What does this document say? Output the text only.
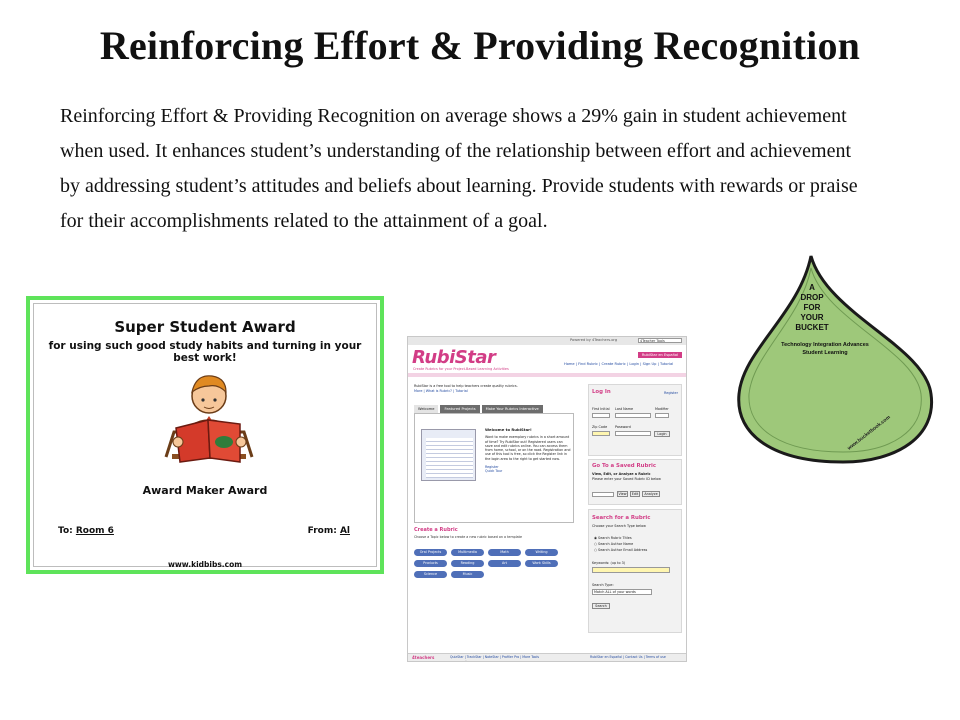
Reinforcing Effort & Providing Recognition
Reinforcing Effort & Providing Recognition on average shows a 29% gain in student achievement when used. It enhances student’s understanding of the relationship between effort and achievement by addressing student’s attitudes and beliefs about learning. Provide students with rewards or praise for their accomplishments related to the attainment of a goal.
Super Student Award
for using such good study habits and turning in your best work!
Award Maker Award
To: Room 6	From: Al
www.kidbibs.com
Powered by 4Teachers.org	4Teacher Tools
RubiStar
Create Rubrics for your Project-Based Learning Activities
RubiStar en Español
Home | Find Rubric | Create Rubric | Login | Sign Up | Tutorial
RubiStar is a free tool to help teachers create quality rubrics.
More | What is Rubric? | Tutorial
Welcome	Featured Projects	Make Your Rubrics Interactive
Welcome to RubiStar!
Want to make exemplary rubrics in a short amount of time? Try RubiStar out! Registered users can save and edit rubrics online. You can access them from home, school, or on the road. Registration and use of this tool is free, so click the Register link in the login area to the right to get started now.
Register
Quick Tour
Create a Rubric
Choose a Topic below to create a new rubric based on a template
Oral Projects	Multimedia	Math	Writing
Products	Reading	Art	Work Skills
Science	Music
Log In	Register
First Initial Last Name	Modifier
Zip Code Password
Login
Go To a Saved Rubric
View, Edit, or Analyze a Rubric
Please enter your Saved Rubric ID below
View	Edit	Analyze
Search for a Rubric
Choose your Search Type below
◉ Search Rubric Titles
○ Search Author Name
○ Search Author Email Address
Keywords: (up to 3)
Search Type:
Match ALL of your words
Search
4teachers	QuizStar | TrackStar | NoteStar | Profiler Pro | More Tools
Copyright © 2000-2008, ALTEC at the University of Kansas
RubiStar en Español | Contact Us | Terms of use
A
DROP
FOR
YOUR
BUCKET
Technology Integration Advances
Student Learning
www.bucketbook.com
